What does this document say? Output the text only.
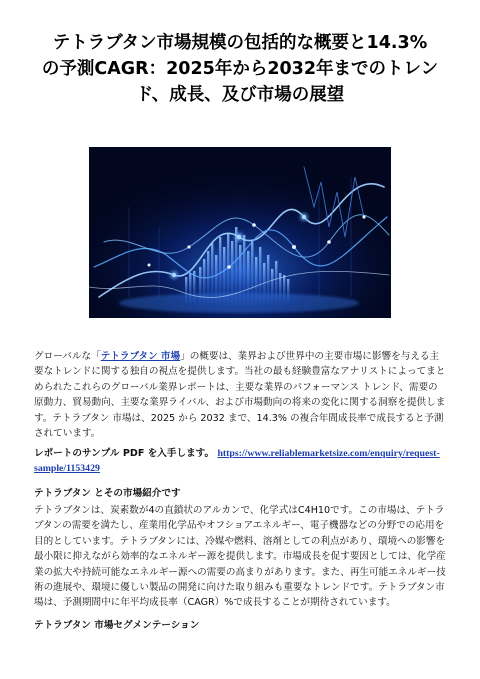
テトラブタン市場規模の包括的な概要と14.3%
の予測CAGR：2025年から2032年までのトレン
ド、成長、及び市場の展望

グローバルな「テトラブタン 市場」の概要は、業界および世界中の主要市場に影響を与える主要なトレンドに関する独自の視点を提供します。当社の最も経験豊富なアナリストによってまとめられたこれらのグローバル業界レポートは、主要な業界のパフォーマンス トレンド、需要の原動力、貿易動向、主要な業界ライバル、および市場動向の将来の変化に関する洞察を提供します。テトラブタン 市場は、2025 から 2032 まで、14.3% の複合年間成長率で成長すると予測されています。

レポートのサンプル PDF を入手します。 https://www.reliablemarketsize.com/enquiry/request-sample/1153429

テトラブタン とその市場紹介です

テトラブタンは、炭素数が4の直鎖状のアルカンで、化学式はC4H10です。この市場は、テトラブタンの需要を満たし、産業用化学品やオフショアエネルギー、電子機器などの分野での応用を目的としています。テトラブタンには、冷媒や燃料、溶剤としての利点があり、環境への影響を最小限に抑えながら効率的なエネルギー源を提供します。市場成長を促す要因としては、化学産業の拡大や持続可能なエネルギー源への需要の高まりがあります。また、再生可能エネルギー技術の進展や、環境に優しい製品の開発に向けた取り組みも重要なトレンドです。テトラブタン市場は、予測期間中に年平均成長率（CAGR）%で成長することが期待されています。

テトラブタン 市場セグメンテーション
